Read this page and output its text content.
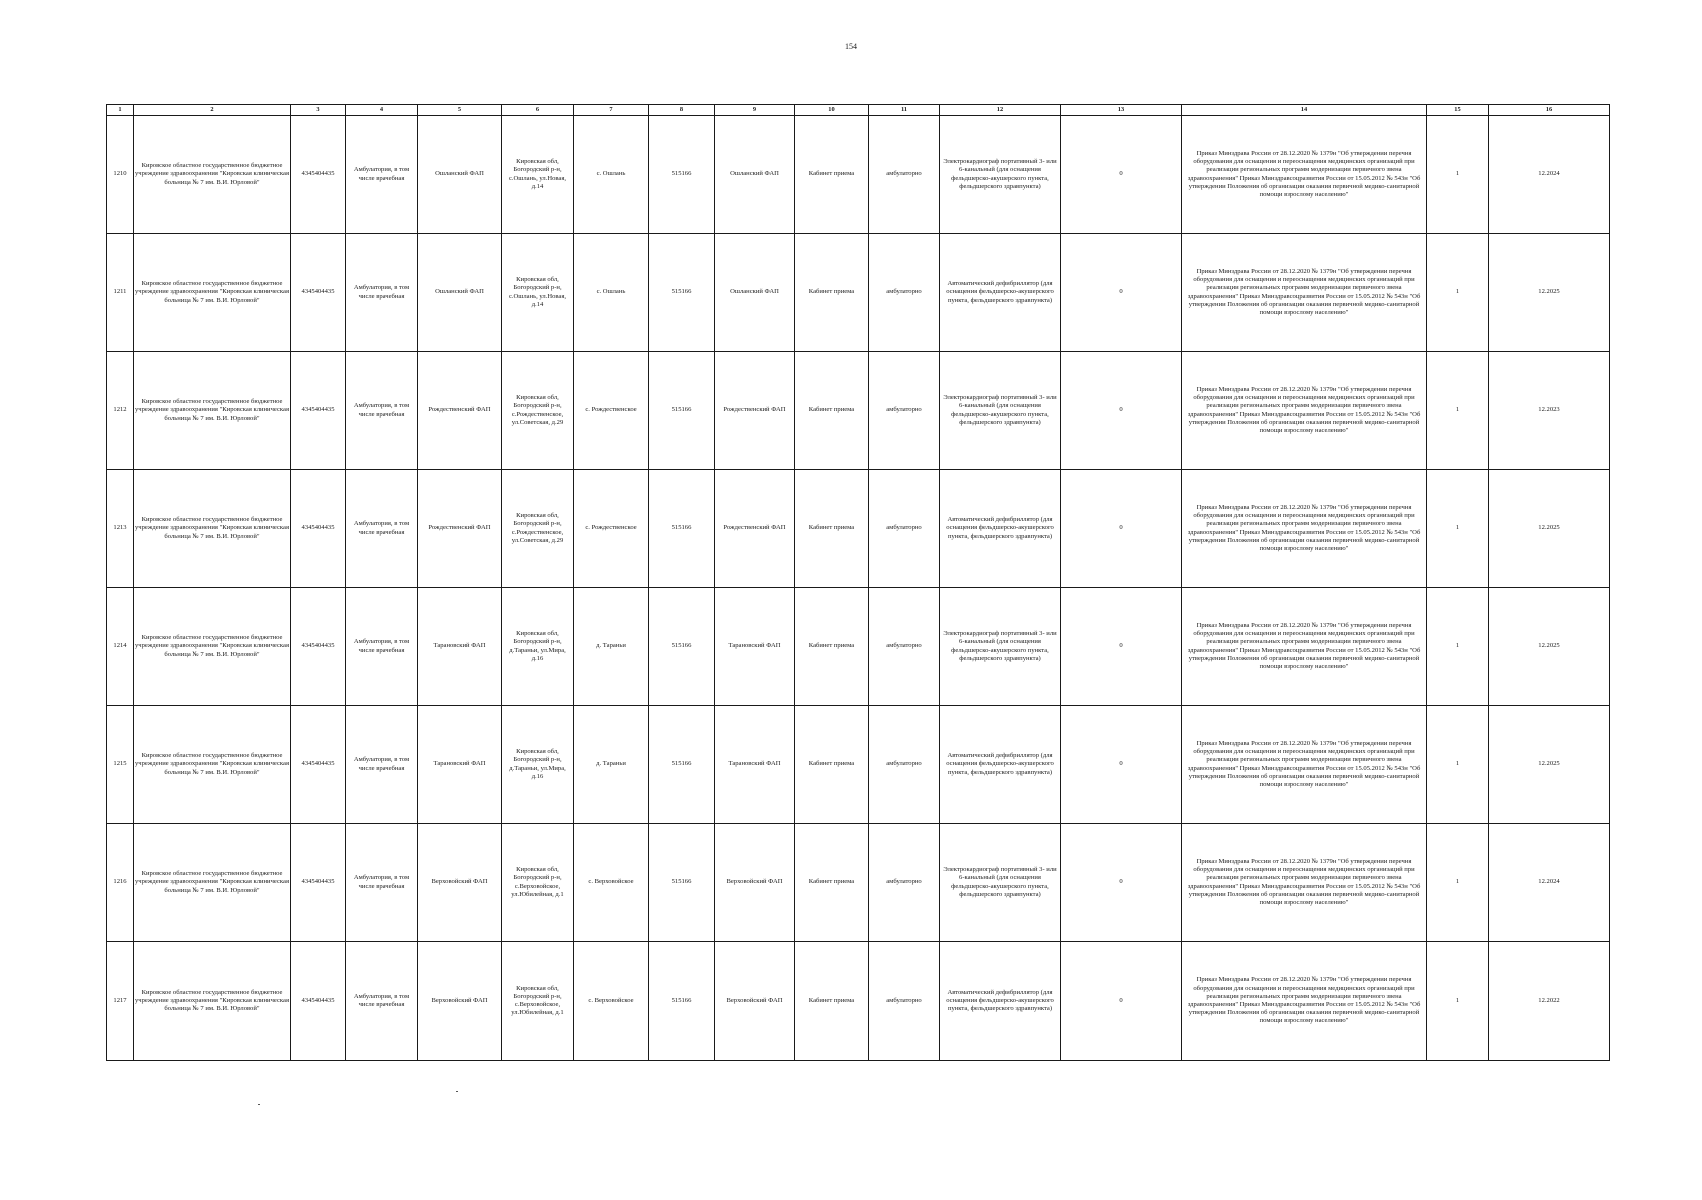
154
1	2	3	4	5	6	7	8	9	10	11	12	13	14	15	16
1210	Кировское областное государственное бюджетное учреждение здравоохранения "Кировская клиническая больница № 7 им. В.И. Юрловой"	4345404435	Амбулатория, в том числе врачебная	Ошланский ФАП	Кировская обл, Богородский р-н, с.Ошлань, ул.Новая, д.14	с. Ошлань	515166	Ошланский ФАП	Кабинет приема	амбулаторно	Электрокардиограф портативный 3- или 6-канальный (для оснащения фельдшерско-акушерского пункта, фельдшерского здравпункта)	0	Приказ Минздрава России от 28.12.2020 № 1379н "Об утверждении перечня оборудования для оснащения и переоснащения медицинских организаций при реализации региональных программ модернизации первичного звена здравоохранения" Приказ Минздравсоцразвития России от 15.05.2012 № 543н "Об утверждении Положения об организации оказания первичной медико-санитарной помощи взрослому населению"	1	12.2024
1211	Кировское областное государственное бюджетное учреждение здравоохранения "Кировская клиническая больница № 7 им. В.И. Юрловой"	4345404435	Амбулатория, в том числе врачебная	Ошланский ФАП	Кировская обл, Богородский р-н, с.Ошлань, ул.Новая, д.14	с. Ошлань	515166	Ошланский ФАП	Кабинет приема	амбулаторно	Автоматический дефибриллятор (для оснащения фельдшерско-акушерского пункта, фельдшерского здравпункта)	0	Приказ Минздрава России от 28.12.2020 № 1379н "Об утверждении перечня оборудования для оснащения и переоснащения медицинских организаций при реализации региональных программ модернизации первичного звена здравоохранения" Приказ Минздравсоцразвития России от 15.05.2012 № 543н "Об утверждении Положения об организации оказания первичной медико-санитарной помощи взрослому населению"	1	12.2025
1212	Кировское областное государственное бюджетное учреждение здравоохранения "Кировская клиническая больница № 7 им. В.И. Юрловой"	4345404435	Амбулатория, в том числе врачебная	Рождественский ФАП	Кировская обл, Богородский р-н, с.Рождественское, ул.Советская, д.29	с. Рождественское	515166	Рождественский ФАП	Кабинет приема	амбулаторно	Электрокардиограф портативный 3- или 6-канальный (для оснащения фельдшерско-акушерского пункта, фельдшерского здравпункта)	0	Приказ Минздрава России от 28.12.2020 № 1379н "Об утверждении перечня оборудования для оснащения и переоснащения медицинских организаций при реализации региональных программ модернизации первичного звена здравоохранения" Приказ Минздравсоцразвития России от 15.05.2012 № 543н "Об утверждении Положения об организации оказания первичной медико-санитарной помощи взрослому населению"	1	12.2023
1213	Кировское областное государственное бюджетное учреждение здравоохранения "Кировская клиническая больница № 7 им. В.И. Юрловой"	4345404435	Амбулатория, в том числе врачебная	Рождественский ФАП	Кировская обл, Богородский р-н, с.Рождественское, ул.Советская, д.29	с. Рождественское	515166	Рождественский ФАП	Кабинет приема	амбулаторно	Автоматический дефибриллятор (для оснащения фельдшерско-акушерского пункта, фельдшерского здравпункта)	0	Приказ Минздрава России от 28.12.2020 № 1379н "Об утверждении перечня оборудования для оснащения и переоснащения медицинских организаций при реализации региональных программ модернизации первичного звена здравоохранения" Приказ Минздравсоцразвития России от 15.05.2012 № 543н "Об утверждении Положения об организации оказания первичной медико-санитарной помощи взрослому населению"	1	12.2025
1214	Кировское областное государственное бюджетное учреждение здравоохранения "Кировская клиническая больница № 7 им. В.И. Юрловой"	4345404435	Амбулатория, в том числе врачебная	Тарановский ФАП	Кировская обл, Богородский р-н, д.Тараньи, ул.Мира, д.16	д. Тараньи	515166	Тарановский ФАП	Кабинет приема	амбулаторно	Электрокардиограф портативный 3- или 6-канальный (для оснащения фельдшерско-акушерского пункта, фельдшерского здравпункта)	0	Приказ Минздрава России от 28.12.2020 № 1379н "Об утверждении перечня оборудования для оснащения и переоснащения медицинских организаций при реализации региональных программ модернизации первичного звена здравоохранения" Приказ Минздравсоцразвития России от 15.05.2012 № 543н "Об утверждении Положения об организации оказания первичной медико-санитарной помощи взрослому населению"	1	12.2025
1215	Кировское областное государственное бюджетное учреждение здравоохранения "Кировская клиническая больница № 7 им. В.И. Юрловой"	4345404435	Амбулатория, в том числе врачебная	Тарановский ФАП	Кировская обл, Богородский р-н, д.Тараньи, ул.Мира, д.16	д. Тараньи	515166	Тарановский ФАП	Кабинет приема	амбулаторно	Автоматический дефибриллятор (для оснащения фельдшерско-акушерского пункта, фельдшерского здравпункта)	0	Приказ Минздрава России от 28.12.2020 № 1379н "Об утверждении перечня оборудования для оснащения и переоснащения медицинских организаций при реализации региональных программ модернизации первичного звена здравоохранения" Приказ Минздравсоцразвития России от 15.05.2012 № 543н "Об утверждении Положения об организации оказания первичной медико-санитарной помощи взрослому населению"	1	12.2025
1216	Кировское областное государственное бюджетное учреждение здравоохранения "Кировская клиническая больница № 7 им. В.И. Юрловой"	4345404435	Амбулатория, в том числе врачебная	Верховойский ФАП	Кировская обл, Богородский р-н, с.Верховойское, ул.Юбилейная, д.1	с. Верховойское	515166	Верховойский ФАП	Кабинет приема	амбулаторно	Электрокардиограф портативный 3- или 6-канальный (для оснащения фельдшерско-акушерского пункта, фельдшерского здравпункта)	0	Приказ Минздрава России от 28.12.2020 № 1379н "Об утверждении перечня оборудования для оснащения и переоснащения медицинских организаций при реализации региональных программ модернизации первичного звена здравоохранения" Приказ Минздравсоцразвития России от 15.05.2012 № 543н "Об утверждении Положения об организации оказания первичной медико-санитарной помощи взрослому населению"	1	12.2024
1217	Кировское областное государственное бюджетное учреждение здравоохранения "Кировская клиническая больница № 7 им. В.И. Юрловой"	4345404435	Амбулатория, в том числе врачебная	Верховойский ФАП	Кировская обл, Богородский р-н, с.Верховойское, ул.Юбилейная, д.1	с. Верховойское	515166	Верховойский ФАП	Кабинет приема	амбулаторно	Автоматический дефибриллятор (для оснащения фельдшерско-акушерского пункта, фельдшерского здравпункта)	0	Приказ Минздрава России от 28.12.2020 № 1379н "Об утверждении перечня оборудования для оснащения и переоснащения медицинских организаций при реализации региональных программ модернизации первичного звена здравоохранения" Приказ Минздравсоцразвития России от 15.05.2012 № 543н "Об утверждении Положения об организации оказания первичной медико-санитарной помощи взрослому населению"	1	12.2022
